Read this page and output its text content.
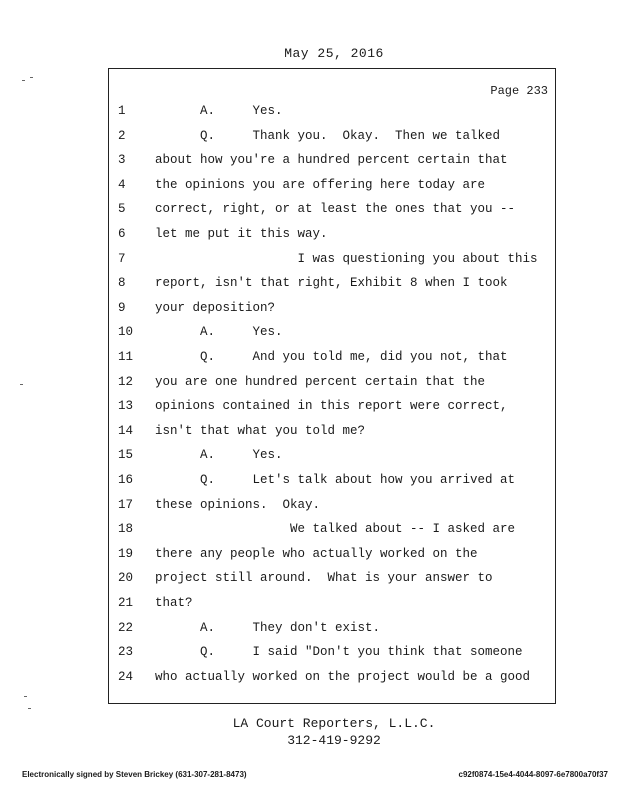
May 25, 2016
Page 233
1	A.     Yes.
2	Q.     Thank you.  Okay.  Then we talked
3	about how you're a hundred percent certain that
4	the opinions you are offering here today are
5	correct, right, or at least the ones that you --
6	let me put it this way.
7	I was questioning you about this
8	report, isn't that right, Exhibit 8 when I took
9	your deposition?
10	A.     Yes.
11	Q.     And you told me, did you not, that
12	you are one hundred percent certain that the
13	opinions contained in this report were correct,
14	isn't that what you told me?
15	A.     Yes.
16	Q.     Let's talk about how you arrived at
17	these opinions.  Okay.
18	We talked about -- I asked are
19	there any people who actually worked on the
20	project still around.  What is your answer to
21	that?
22	A.     They don't exist.
23	Q.     I said "Don't you think that someone
24	who actually worked on the project would be a good
LA Court Reporters, L.L.C.
312-419-9292
Electronically signed by Steven Brickey (631-307-281-8473)	c92f0874-15e4-4044-8097-6e7800a70f37
